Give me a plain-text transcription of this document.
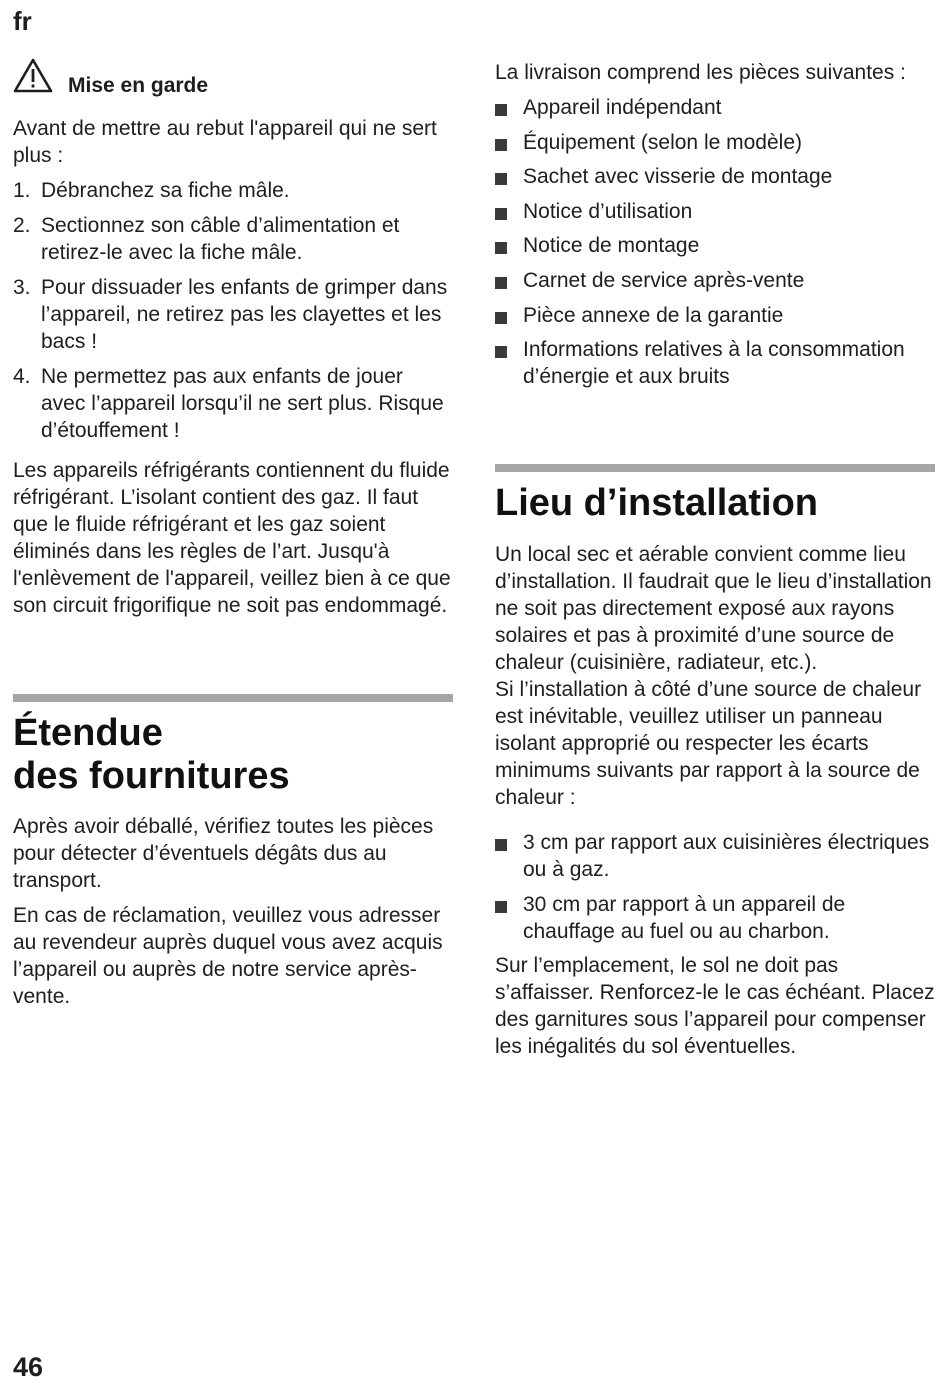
fr
Mise en garde

Avant de mettre au rebut l'appareil qui ne sert plus :

1. Débranchez sa fiche mâle.
2. Sectionnez son câble d’alimentation et retirez-le avec la fiche mâle.
3. Pour dissuader les enfants de grimper dans l’appareil, ne retirez pas les clayettes et les bacs !
4. Ne permettez pas aux enfants de jouer avec l’appareil lorsqu’il ne sert plus. Risque d’étouffement !

Les appareils réfrigérants contiennent du fluide réfrigérant. L’isolant contient des gaz. Il faut que le fluide réfrigérant et les gaz soient éliminés dans les règles de l’art. Jusqu'à l'enlèvement de l'appareil, veillez bien à ce que son circuit frigorifique ne soit pas endommagé.

Étendue
des fournitures

Après avoir déballé, vérifiez toutes les pièces pour détecter d’éventuels dégâts dus au transport.

En cas de réclamation, veuillez vous adresser au revendeur auprès duquel vous avez acquis l’appareil ou auprès de notre service après-vente.

La livraison comprend les pièces suivantes :

Appareil indépendant
Équipement (selon le modèle)
Sachet avec visserie de montage
Notice d’utilisation
Notice de montage
Carnet de service après-vente
Pièce annexe de la garantie
Informations relatives à la consommation d’énergie et aux bruits
Lieu d’installation

Un local sec et aérable convient comme lieu d’installation. Il faudrait que le lieu d’installation ne soit pas directement exposé aux rayons solaires et pas à proximité d’une source de chaleur (cuisinière, radiateur, etc.).

Si l’installation à côté d’une source de chaleur est inévitable, veuillez utiliser un panneau isolant approprié ou respecter les écarts minimums suivants par rapport à la source de chaleur :

3 cm par rapport aux cuisinières électriques ou à gaz.
30 cm par rapport à un appareil de chauffage au fuel ou au charbon.

Sur l’emplacement, le sol ne doit pas s’affaisser. Renforcez-le le cas échéant. Placez des garnitures sous l’appareil pour compenser les inégalités du sol éventuelles.

46
